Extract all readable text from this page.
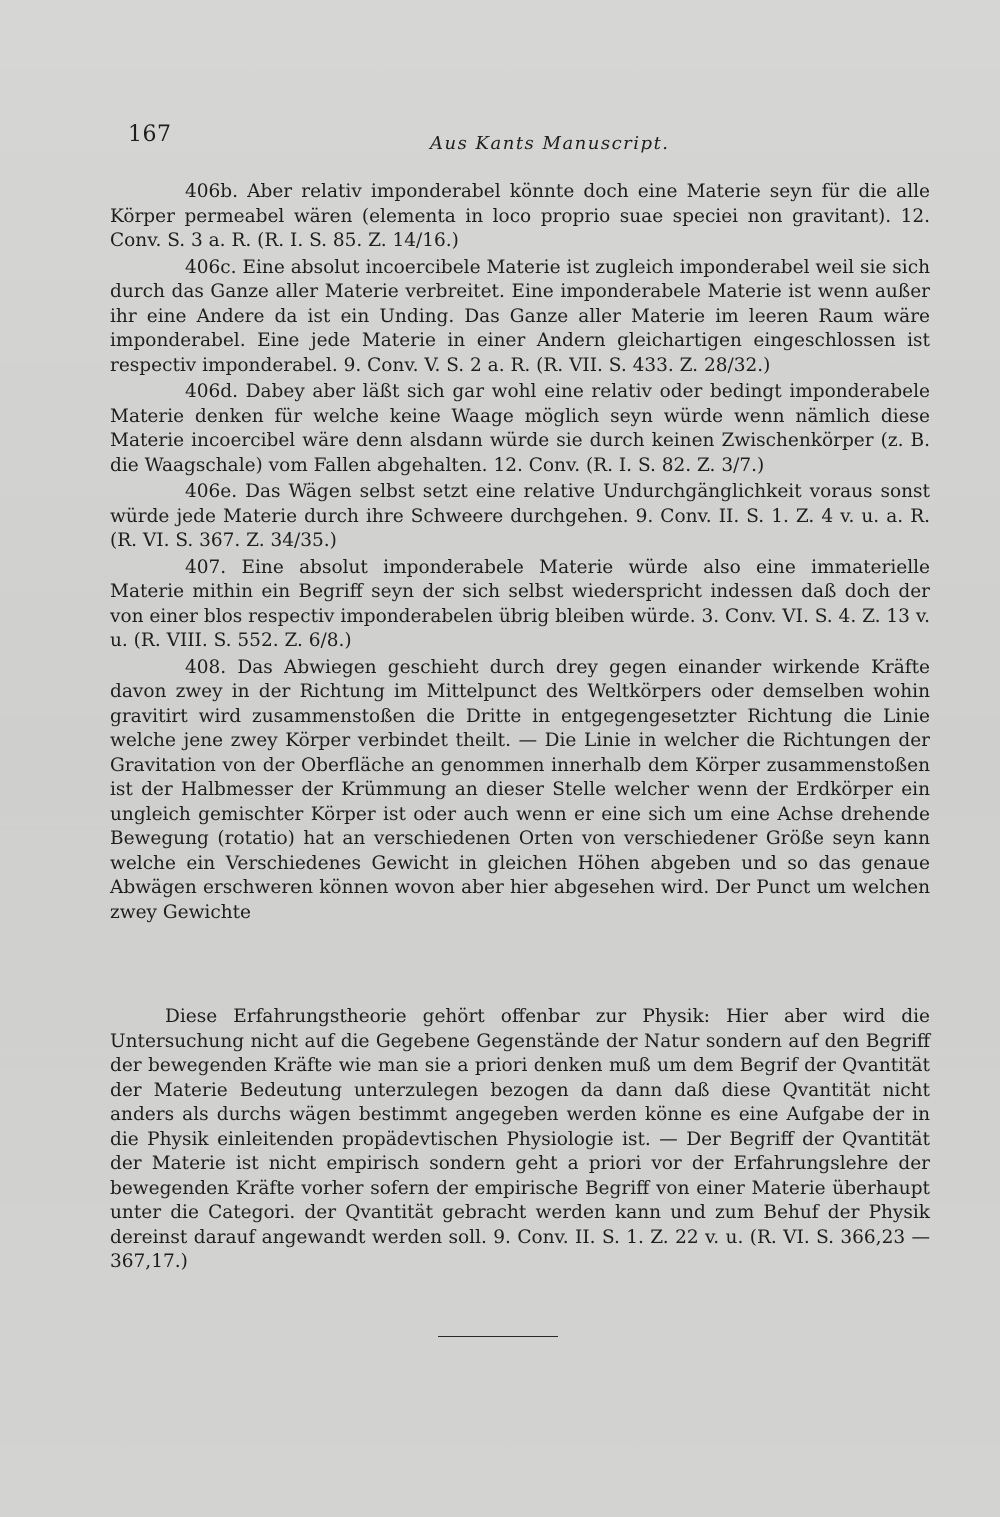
167	Aus Kants Manuscript.

406b. Aber relativ imponderabel könnte doch eine Materie seyn für die alle Körper permeabel wären (elementa in loco proprio suae speciei non gravitant). 12. Conv. S. 3 a. R. (R. I. S. 85. Z. 14/16.)

406c. Eine absolut incoercibele Materie ist zugleich imponderabel weil sie sich durch das Ganze aller Materie verbreitet. Eine imponderabele Materie ist wenn außer ihr eine Andere da ist ein Unding. Das Ganze aller Materie im leeren Raum wäre imponderabel. Eine jede Materie in einer Andern gleichartigen eingeschlossen ist respectiv imponderabel. 9. Conv. V. S. 2 a. R. (R. VII. S. 433. Z. 28/32.)

406d. Dabey aber läßt sich gar wohl eine relativ oder bedingt imponderabele Materie denken für welche keine Waage möglich seyn würde wenn nämlich diese Materie incoercibel wäre denn alsdann würde sie durch keinen Zwischenkörper (z. B. die Waagschale) vom Fallen abgehalten. 12. Conv. (R. I. S. 82. Z. 3/7.)

406e. Das Wägen selbst setzt eine relative Undurchgänglichkeit voraus sonst würde jede Materie durch ihre Schweere durchgehen. 9. Conv. II. S. 1. Z. 4 v. u. a. R. (R. VI. S. 367. Z. 34/35.)

407. Eine absolut imponderabele Materie würde also eine immaterielle Materie mithin ein Begriff seyn der sich selbst wiederspricht indessen daß doch der von einer blos respectiv imponderabelen übrig bleiben würde. 3. Conv. VI. S. 4. Z. 13 v. u. (R. VIII. S. 552. Z. 6/8.)

408. Das Abwiegen geschieht durch drey gegen einander wirkende Kräfte davon zwey in der Richtung im Mittelpunct des Weltkörpers oder demselben wohin gravitirt wird zusammenstoßen die Dritte in entgegengesetzter Richtung die Linie welche jene zwey Körper verbindet theilt. — Die Linie in welcher die Richtungen der Gravitation von der Oberfläche an genommen innerhalb dem Körper zusammenstoßen ist der Halbmesser der Krümmung an dieser Stelle welcher wenn der Erdkörper ein ungleich gemischter Körper ist oder auch wenn er eine sich um eine Achse drehende Bewegung (rotatio) hat an verschiedenen Orten von verschiedener Größe seyn kann welche ein Verschiedenes Gewicht in gleichen Höhen abgeben und so das genaue Abwägen erschweren können wovon aber hier abgesehen wird. Der Punct um welchen zwey Gewichte

Diese Erfahrungstheorie gehört offenbar zur Physik: Hier aber wird die Untersuchung nicht auf die Gegebene Gegenstände der Natur sondern auf den Begriff der bewegenden Kräfte wie man sie a priori denken muß um dem Begrif der Qvantität der Materie Bedeutung unterzulegen bezogen da dann daß diese Qvantität nicht anders als durchs wägen bestimmt angegeben werden könne es eine Aufgabe der in die Physik einleitenden propädevtischen Physiologie ist. — Der Begriff der Qvantität der Materie ist nicht empirisch sondern geht a priori vor der Erfahrungslehre der bewegenden Kräfte vorher sofern der empirische Begriff von einer Materie überhaupt unter die Categori. der Qvantität gebracht werden kann und zum Behuf der Physik dereinst darauf angewandt werden soll. 9. Conv. II. S. 1. Z. 22 v. u. (R. VI. S. 366,23 —367,17.)
